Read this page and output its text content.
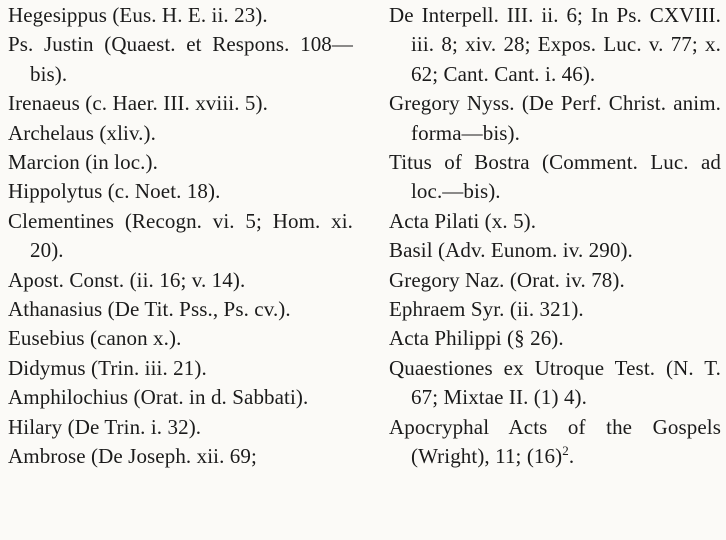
Hegesippus (Eus. H. E. ii. 23).

Ps. Justin (Quaest. et Respons. 108—bis).

Irenaeus (c. Haer. III. xviii. 5).

Archelaus (xliv.).

Marcion (in loc.).

Hippolytus (c. Noet. 18).

Clementines (Recogn. vi. 5; Hom. xi. 20).

Apost. Const. (ii. 16; v. 14).

Athanasius (De Tit. Pss., Ps. cv.).

Eusebius (canon x.).

Didymus (Trin. iii. 21).

Amphilochius (Orat. in d. Sabbati).

Hilary (De Trin. i. 32).

Ambrose (De Joseph. xii. 69;

De Interpell. III. ii. 6; In Ps. CXVIII. iii. 8; xiv. 28; Expos. Luc. v. 77; x. 62; Cant. Cant. i. 46).

Gregory Nyss. (De Perf. Christ. anim. forma—bis).

Titus of Bostra (Comment. Luc. ad loc.—bis).

Acta Pilati (x. 5).

Basil (Adv. Eunom. iv. 290).

Gregory Naz. (Orat. iv. 78).

Ephraem Syr. (ii. 321).

Acta Philippi (§ 26).

Quaestiones ex Utroque Test. (N. T. 67; Mixtae II. (1) 4).

Apocryphal Acts of the Gospels (Wright), 11; $(16)^2$.
